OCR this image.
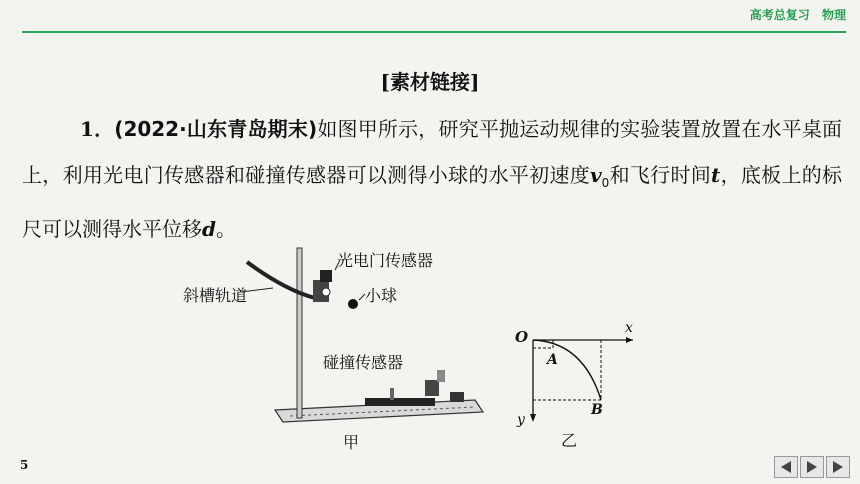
高考总复习 物理
[素材链接]
1．(2022·山东青岛期末)如图甲所示，研究平抛运动规律的实验装置放置在水平桌面上，利用光电门传感器和碰撞传感器可以测得小球的水平初速度$v_0$和飞行时间t，底板上的标尺可以测得水平位移d。
光电门传感器
斜槽轨道	小球
碰撞传感器
甲
O	x
y
A
B
乙
5
